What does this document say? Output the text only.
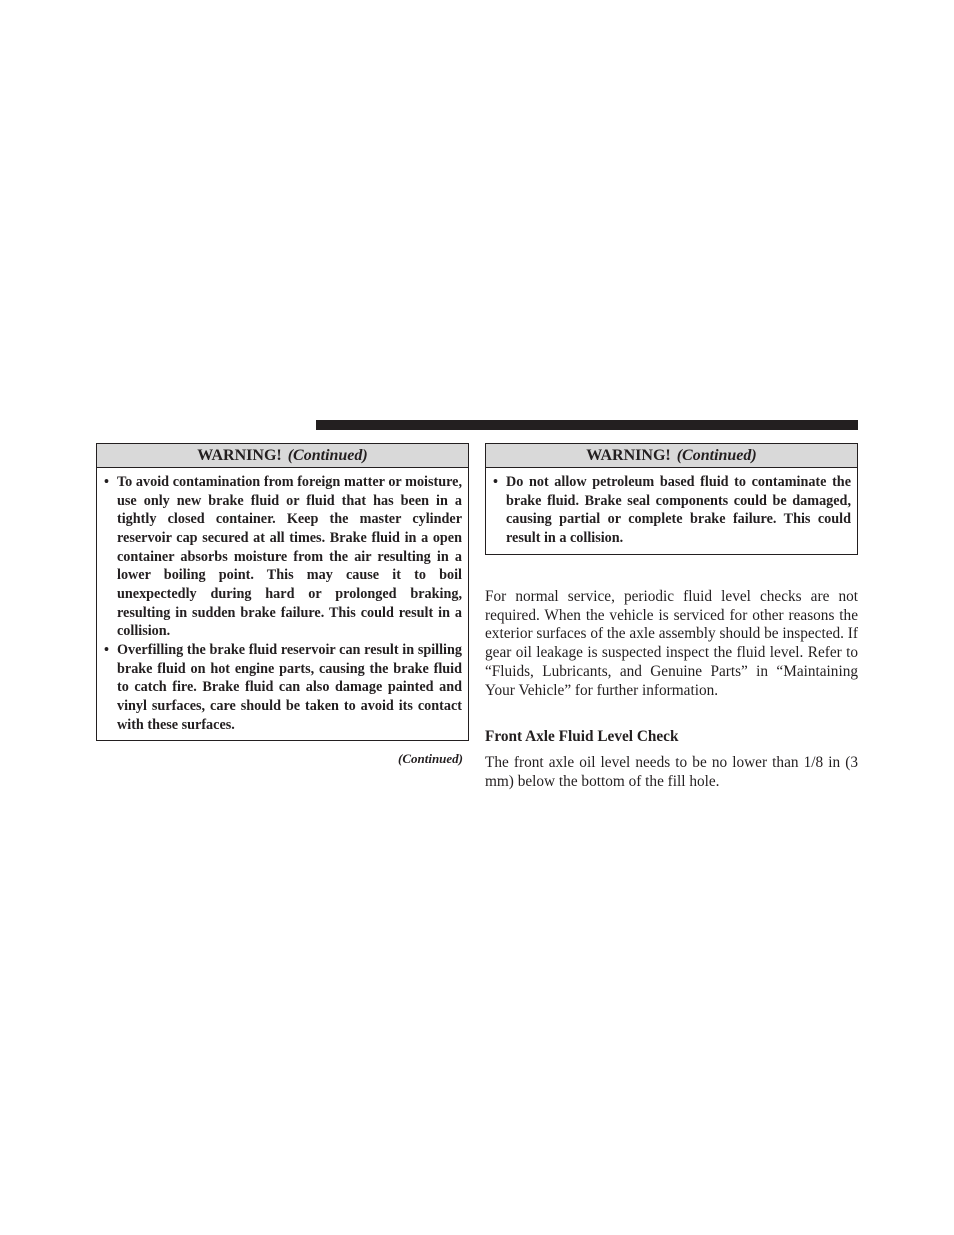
WARNING! (Continued)
• To avoid contamination from foreign matter or moisture, use only new brake fluid or fluid that has been in a tightly closed container. Keep the master cylinder reservoir cap secured at all times. Brake fluid in a open container absorbs moisture from the air resulting in a lower boiling point. This may cause it to boil unexpectedly during hard or prolonged braking, resulting in sudden brake failure. This could result in a collision.
• Overfilling the brake fluid reservoir can result in spilling brake fluid on hot engine parts, causing the brake fluid to catch fire. Brake fluid can also damage painted and vinyl surfaces, care should be taken to avoid its contact with these surfaces.
(Continued)
WARNING! (Continued)
• Do not allow petroleum based fluid to contaminate the brake fluid. Brake seal components could be damaged, causing partial or complete brake failure. This could result in a collision.

For normal service, periodic fluid level checks are not required. When the vehicle is serviced for other reasons the exterior surfaces of the axle assembly should be inspected. If gear oil leakage is suspected inspect the fluid level. Refer to “Fluids, Lubricants, and Genuine Parts” in “Maintaining Your Vehicle” for further information.

Front Axle Fluid Level Check

The front axle oil level needs to be no lower than 1/8 in (3 mm) below the bottom of the fill hole.
